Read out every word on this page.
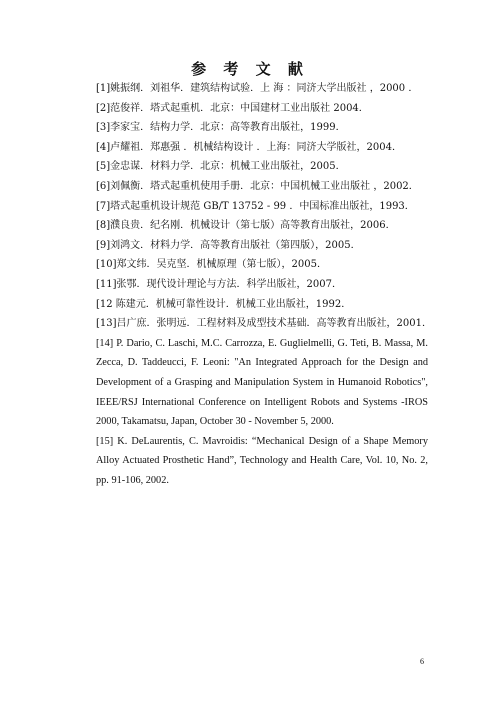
参 考 文 献
[1]姚振纲．刘祖华．建筑结构试验．上 海 ：同济大学出版社 ，2000 ．
[2]范俊祥．塔式起重机．北京：中国建材工业出版社 2004．
[3]李家宝．结构力学．北京：高等教育出版社，1999．
[4]卢耀祖．郑惠强 ．机械结构设计 ．上海：同济大学版社，2004．
[5]金忠谋．材料力学．北京：机械工业出版社，2005．
[6]刘佩衡．塔式起重机使用手册．北京：中国机械工业出版社 ，2002．
[7]塔式起重机设计规范 GB/T 13752 - 99 ．中国标准出版社，1993．
[8]濮良贵．纪名刚．机械设计（第七版）高等教育出版社，2006．
[9]刘鸿文．材料力学．高等教育出版社（第四版），2005．
[10]郑文纬．吴克坚．机械原理（第七版），2005．
[11]张鄂．现代设计理论与方法．科学出版社，2007．
[12 陈建元．机械可靠性设计．机械工业出版社，1992．
[13]吕广庶．张明远．工程材料及成型技术基础．高等教育出版社，2001．
[14] P. Dario, C. Laschi, M.C. Carrozza, E. Guglielmelli, G. Teti, B. Massa, M. Zecca, D. Taddeucci, F. Leoni: "An Integrated Approach for the Design and Development of a Grasping and Manipulation System in Humanoid Robotics", IEEE/RSJ International Conference on Intelligent Robots and Systems -IROS 2000, Takamatsu, Japan, October 30 - November 5, 2000.
[15] K. DeLaurentis, C. Mavroidis: “Mechanical Design of a Shape Memory Alloy Actuated Prosthetic Hand”, Technology and Health Care, Vol. 10, No. 2, pp. 91-106, 2002.
6
